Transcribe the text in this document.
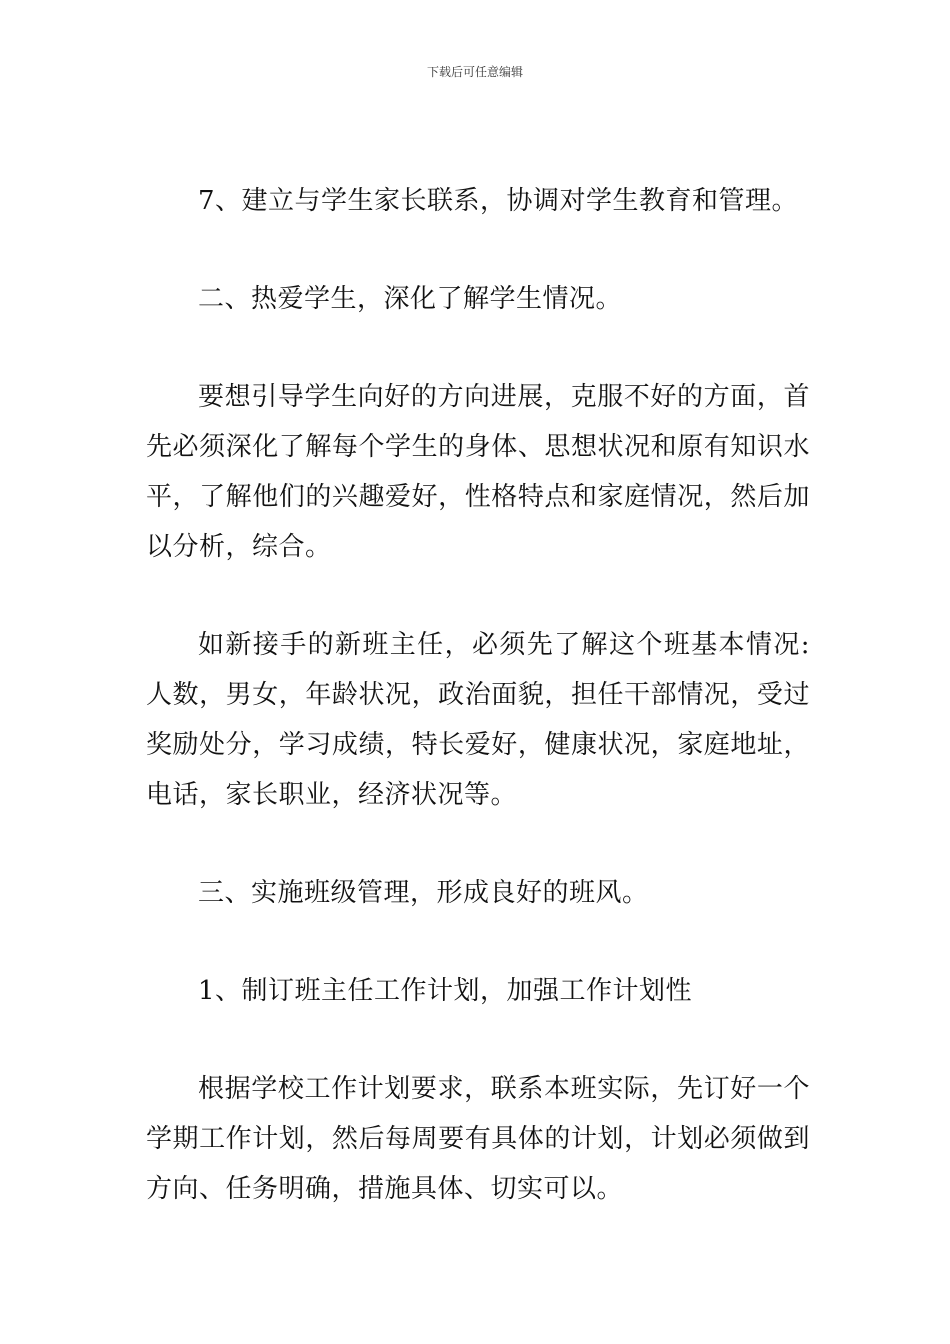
下载后可任意编辑

7、建立与学生家长联系，协调对学生教育和管理。

二、热爱学生，深化了解学生情况。

要想引导学生向好的方向进展，克服不好的方面，首先必须深化了解每个学生的身体、思想状况和原有知识水平，了解他们的兴趣爱好，性格特点和家庭情况，然后加以分析，综合。

如新接手的新班主任，必须先了解这个班基本情况:人数，男女，年龄状况，政治面貌，担任干部情况，受过奖励处分，学习成绩，特长爱好，健康状况，家庭地址，电话，家长职业，经济状况等。

三、实施班级管理，形成良好的班风。

1、制订班主任工作计划，加强工作计划性

根据学校工作计划要求，联系本班实际，先订好一个学期工作计划，然后每周要有具体的计划，计划必须做到方向、任务明确，措施具体、切实可以。
